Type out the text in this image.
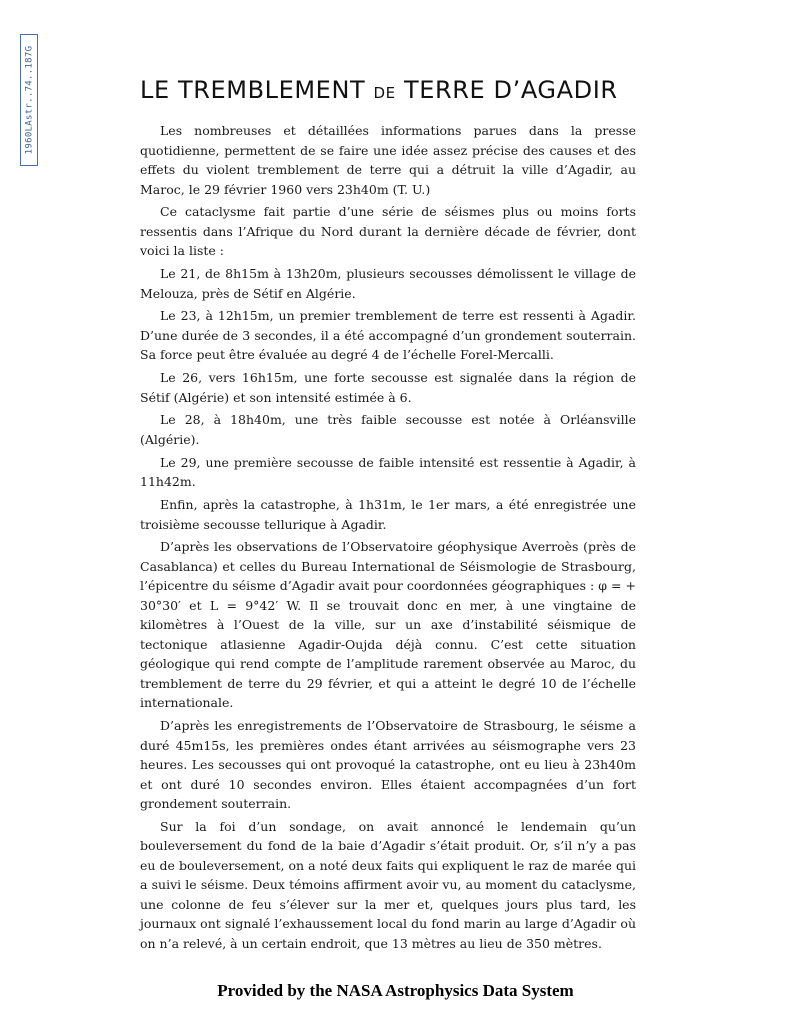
1960LAstr..74..187G	LE TREMBLEMENT DE TERRE D’AGADIR

Les nombreuses et détaillées informations parues dans la presse quotidienne, permettent de se faire une idée assez précise des causes et des effets du violent tremblement de terre qui a détruit la ville d’Agadir, au Maroc, le 29 février 1960 vers 23h40m (T. U.)

Ce cataclysme fait partie d’une série de séismes plus ou moins forts ressentis dans l’Afrique du Nord durant la dernière décade de février, dont voici la liste :

Le 21, de 8h15m à 13h20m, plusieurs secousses démolissent le village de Melouza, près de Sétif en Algérie.

Le 23, à 12h15m, un premier tremblement de terre est ressenti à Agadir. D’une durée de 3 secondes, il a été accompagné d’un grondement souterrain. Sa force peut être évaluée au degré 4 de l’échelle Forel-Mercalli.

Le 26, vers 16h15m, une forte secousse est signalée dans la région de Sétif (Algérie) et son intensité estimée à 6.

Le 28, à 18h40m, une très faible secousse est notée à Orléansville (Algérie).

Le 29, une première secousse de faible intensité est ressentie à Agadir, à 11h42m.

Enfin, après la catastrophe, à 1h31m, le 1er mars, a été enregistrée une troisième secousse tellurique à Agadir.

D’après les observations de l’Observatoire géophysique Averroès (près de Casablanca) et celles du Bureau International de Séismologie de Strasbourg, l’épicentre du séisme d’Agadir avait pour coordonnées géographiques : φ = + 30°30′ et L = 9°42′ W. Il se trouvait donc en mer, à une vingtaine de kilomètres à l’Ouest de la ville, sur un axe d’instabilité séismique de tectonique atlasienne Agadir-Oujda déjà connu. C’est cette situation géologique qui rend compte de l’amplitude rarement observée au Maroc, du tremblement de terre du 29 février, et qui a atteint le degré 10 de l’échelle internationale.

D’après les enregistrements de l’Observatoire de Strasbourg, le séisme a duré 45m15s, les premières ondes étant arrivées au séismographe vers 23 heures. Les secousses qui ont provoqué la catastrophe, ont eu lieu à 23h40m et ont duré 10 secondes environ. Elles étaient accompagnées d’un fort grondement souterrain.

Sur la foi d’un sondage, on avait annoncé le lendemain qu’un bouleversement du fond de la baie d’Agadir s’était produit. Or, s’il n’y a pas eu de bouleversement, on a noté deux faits qui expliquent le raz de marée qui a suivi le séisme. Deux témoins affirment avoir vu, au moment du cataclysme, une colonne de feu s’élever sur la mer et, quelques jours plus tard, les journaux ont signalé l’exhaussement local du fond marin au large d’Agadir où on n’a relevé, à un certain endroit, que 13 mètres au lieu de 350 mètres.

Provided by the NASA Astrophysics Data System
